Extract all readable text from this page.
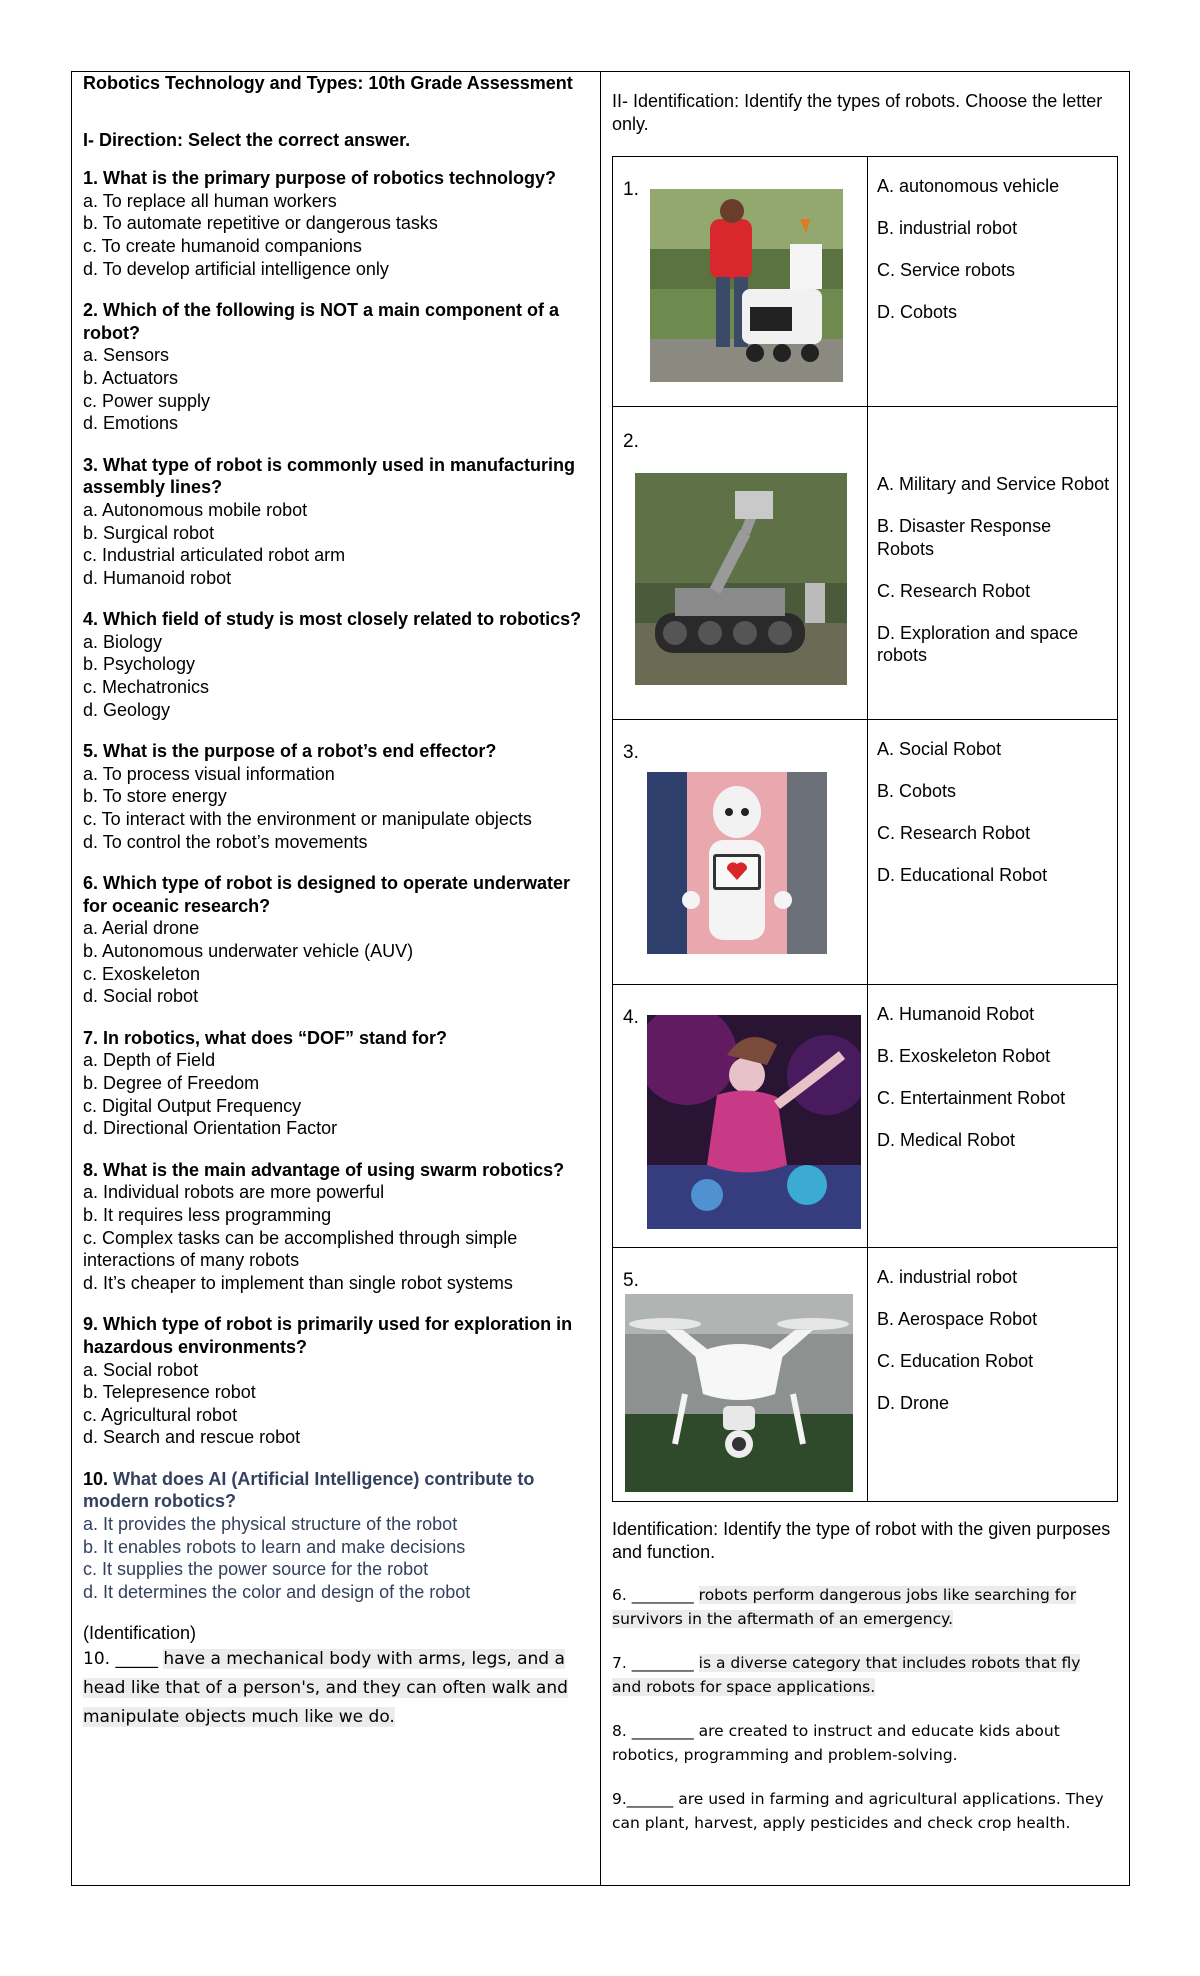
Robotics Technology and Types: 10th Grade Assessment
I- Direction: Select the correct answer.
1. What is the primary purpose of robotics technology?
a. To replace all human workers
b. To automate repetitive or dangerous tasks
c. To create humanoid companions
d. To develop artificial intelligence only
2. Which of the following is NOT a main component of a robot?
a. Sensors
b. Actuators
c. Power supply
d. Emotions
3. What type of robot is commonly used in manufacturing assembly lines?
a. Autonomous mobile robot
b. Surgical robot
c. Industrial articulated robot arm
d. Humanoid robot
4. Which field of study is most closely related to robotics?
a. Biology
b. Psychology
c. Mechatronics
d. Geology
5. What is the purpose of a robot’s end effector?
a. To process visual information
b. To store energy
c. To interact with the environment or manipulate objects
d. To control the robot’s movements
6. Which type of robot is designed to operate underwater for oceanic research?
a. Aerial drone
b. Autonomous underwater vehicle (AUV)
c. Exoskeleton
d. Social robot
7. In robotics, what does “DOF” stand for?
a. Depth of Field
b. Degree of Freedom
c. Digital Output Frequency
d. Directional Orientation Factor
8. What is the main advantage of using swarm robotics?
a. Individual robots are more powerful
b. It requires less programming
c. Complex tasks can be accomplished through simple interactions of many robots
d. It’s cheaper to implement than single robot systems
9. Which type of robot is primarily used for exploration in hazardous environments?
a. Social robot
b. Telepresence robot
c. Agricultural robot
d. Search and rescue robot
10. What does AI (Artificial Intelligence) contribute to modern robotics?
a. It provides the physical structure of the robot
b. It enables robots to learn and make decisions
c. It supplies the power source for the robot
d. It determines the color and design of the robot
(Identification)
10. _____ have a mechanical body with arms, legs, and a head like that of a person's, and they can often walk and manipulate objects much like we do.
II- Identification: Identify the types of robots. Choose the letter only.
1.	A. autonomous vehicle
B. industrial robot
C. Service robots
D. Cobots
2.
A. Military and Service Robot
B. Disaster Response Robots
C. Research Robot
D. Exploration and space robots
3.	A. Social Robot
B. Cobots
C. Research Robot
D. Educational Robot
4.	A. Humanoid Robot
B. Exoskeleton Robot
C. Entertainment Robot
D. Medical Robot
5.	A. industrial robot
B. Aerospace Robot
C. Education Robot
D. Drone
Identification: Identify the type of robot with the given purposes and function.
6. ________ robots perform dangerous jobs like searching for survivors in the aftermath of an emergency.
7. ________ is a diverse category that includes robots that fly and robots for space applications.
8. ________ are created to instruct and educate kids about robotics, programming and problem-solving.
9.______ are used in farming and agricultural applications. They can plant, harvest, apply pesticides and check crop health.
